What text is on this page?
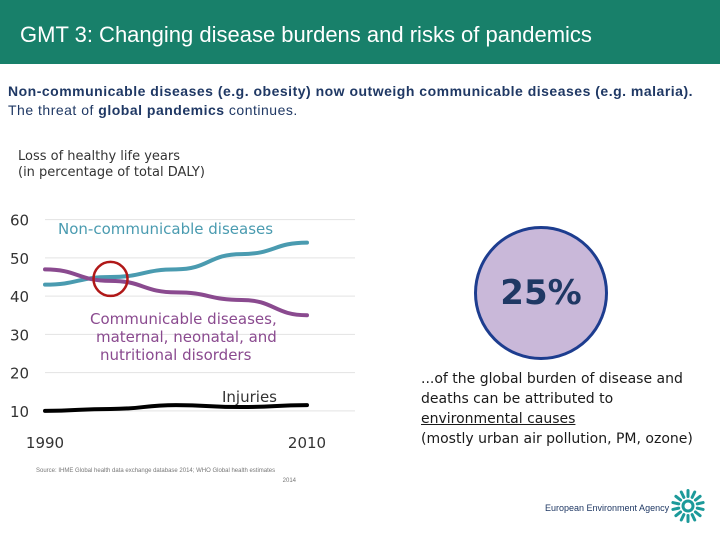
GMT 3: Changing disease burdens and risks of pandemics
Non-communicable diseases (e.g. obesity) now outweigh communicable diseases (e.g. malaria). The threat of global pandemics continues.
Loss of healthy life years
(in percentage of total DALY)
60
50
40
30
20
10
1990	2010
Non-communicable diseases
Communicable diseases,
maternal, neonatal, and
nutritional disorders
Injuries
25%
...of the global burden of disease and
deaths can be attributed to
environmental causes
(mostly urban air pollution, PM, ozone)
Source: IHME Global health data exchange database 2014; WHO Global health estimates
2014
European Environment Agency
